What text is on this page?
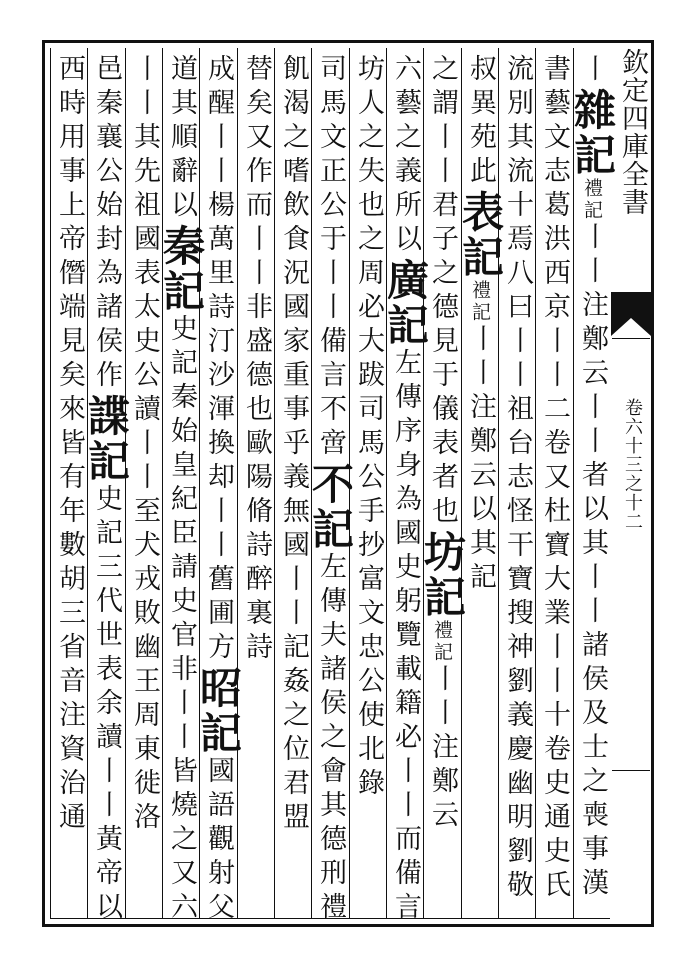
欽定四庫全書
卷六十三之十二
丨雜記禮記丨丨注鄭云丨丨者以其丨丨諸侯及士之喪事漢
書藝文志葛洪西京丨丨二卷又杜寶大業丨丨十卷史通史氏
流別其流十焉八曰丨丨祖台志怪干寶搜神劉義慶幽明劉敬
叔異苑此表記禮記丨丨注鄭云以其記
之謂丨丨君子之德見于儀表者也坊記禮記丨丨注鄭云
六藝之義所以廣記左傳序身為國史躬覽載籍必丨丨而備言
坊人之失也之周必大跋司馬公手抄富文忠公使北錄
司馬文正公于丨丨備言不啻不記左傳夫諸侯之會其德刑禮
飢渴之嗜飲食況國家重事乎義無國丨丨記姦之位君盟
替矣又作而丨丨非盛德也歐陽脩詩醉裏詩
成醒丨丨楊萬里詩汀沙渾換却丨丨舊圃方昭記國語觀射父
道其順辭以秦記史記秦始皇紀臣請史官非丨丨皆燒之又六
丨丨其先祖國表太史公讀丨丨至犬戎敗幽王周東徙洛
邑秦襄公始封為諸侯作諜記史記三代世表余讀丨丨黃帝以
西時用事上帝僭端見矣來皆有年數胡三省音注資治通
